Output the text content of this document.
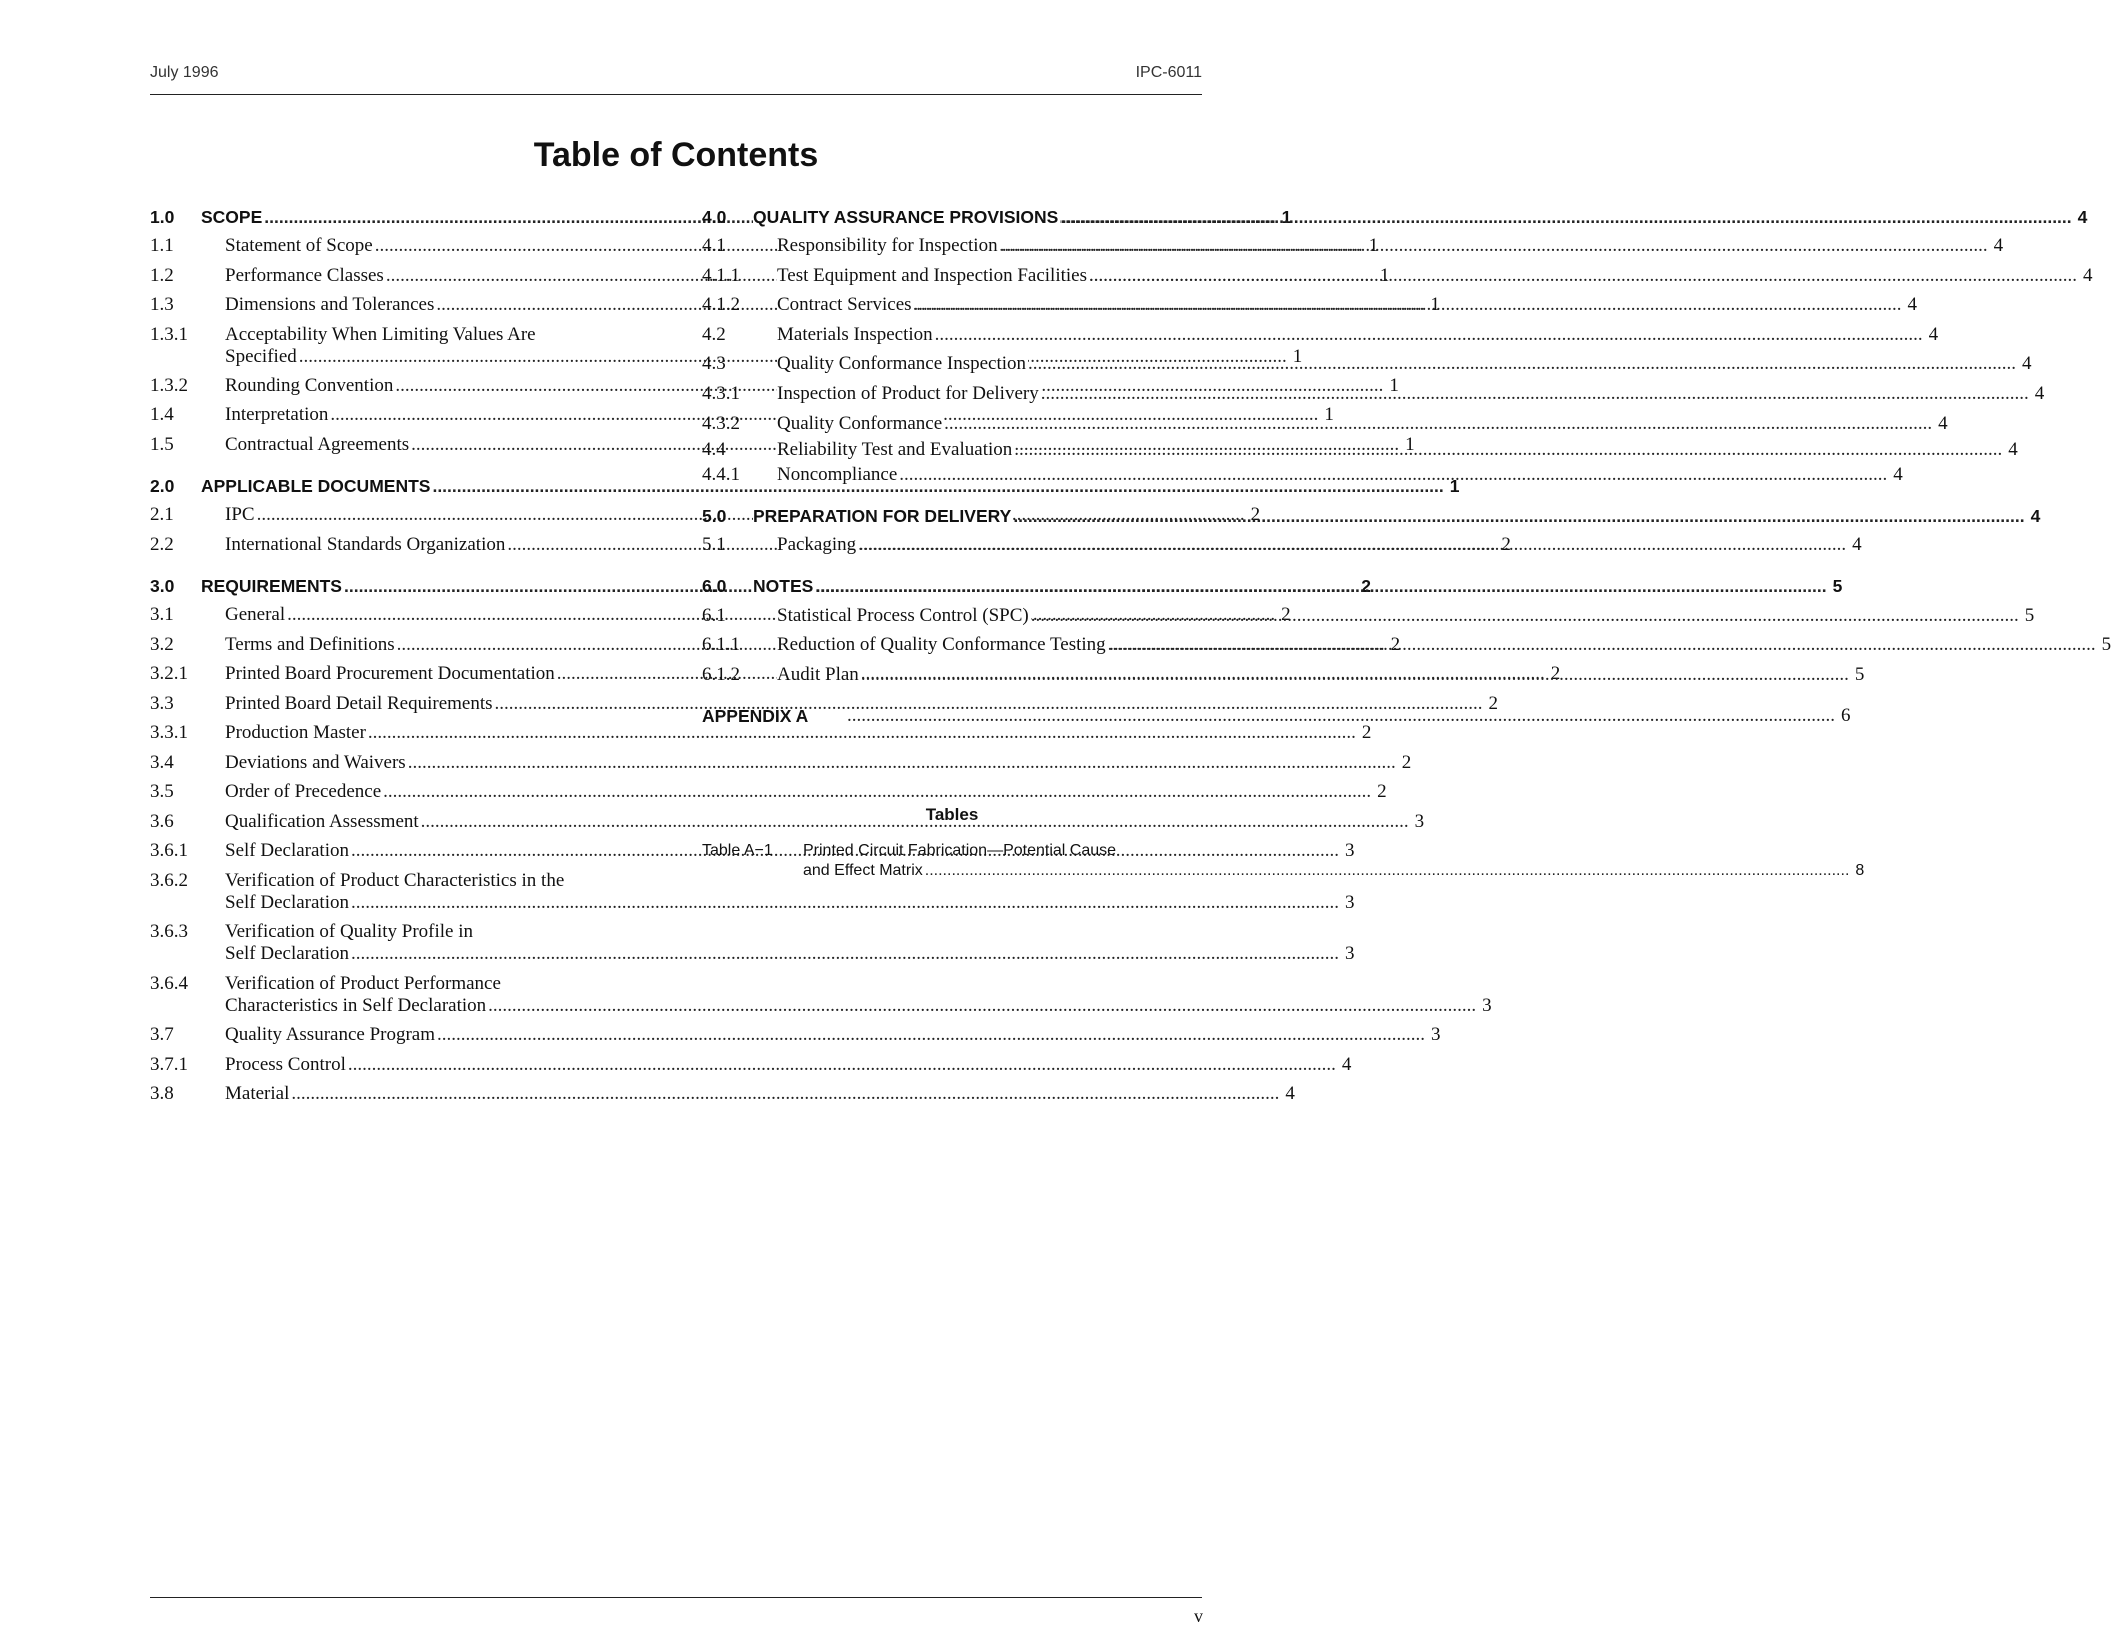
July 1996	IPC-6011
Table of Contents
1.0	SCOPE .....	1
1.1	Statement of Scope .....	1
1.2	Performance Classes .....	1
1.3	Dimensions and Tolerances .....	1
1.3.1	Acceptability When Limiting Values Are
Specified .....	1
1.3.2	Rounding Convention .....	1
1.4	Interpretation .....	1
1.5	Contractual Agreements .....	1
2.0	APPLICABLE DOCUMENTS .....	1
2.1	IPC .....	2
2.2	International Standards Organization .....	2
3.0	REQUIREMENTS .....	2
3.1	General .....	2
3.2	Terms and Definitions .....	2
3.2.1	Printed Board Procurement Documentation .....	2
3.3	Printed Board Detail Requirements .....	2
3.3.1	Production Master .....	2
3.4	Deviations and Waivers .....	2
3.5	Order of Precedence .....	2
3.6	Qualification Assessment .....	3
3.6.1	Self Declaration .....	3
3.6.2	Verification of Product Characteristics in the
Self Declaration .....	3
3.6.3	Verification of Quality Profile in
Self Declaration .....	3
3.6.4	Verification of Product Performance
Characteristics in Self Declaration .....	3
3.7	Quality Assurance Program .....	3
3.7.1	Process Control .....	4
3.8	Material .....	4
4.0	QUALITY ASSURANCE PROVISIONS .....	4
4.1	Responsibility for Inspection .....	4
4.1.1	Test Equipment and Inspection Facilities .....	4
4.1.2	Contract Services .....	4
4.2	Materials Inspection .....	4
4.3	Quality Conformance Inspection .....	4
4.3.1	Inspection of Product for Delivery .....	4
4.3.2	Quality Conformance .....	4
4.4	Reliability Test and Evaluation .....	4
4.4.1	Noncompliance .....	4
5.0	PREPARATION FOR DELIVERY .....	4
5.1	Packaging .....	4
6.0	NOTES .....	5
6.1	Statistical Process Control (SPC) .....	5
6.1.1	Reduction of Quality Conformance Testing .....	5
6.1.2	Audit Plan .....	5
APPENDIX A .....	6
Tables
Table A−1	Printed Circuit Fabrication—Potential Cause
and Effect Matrix .....	8
v
